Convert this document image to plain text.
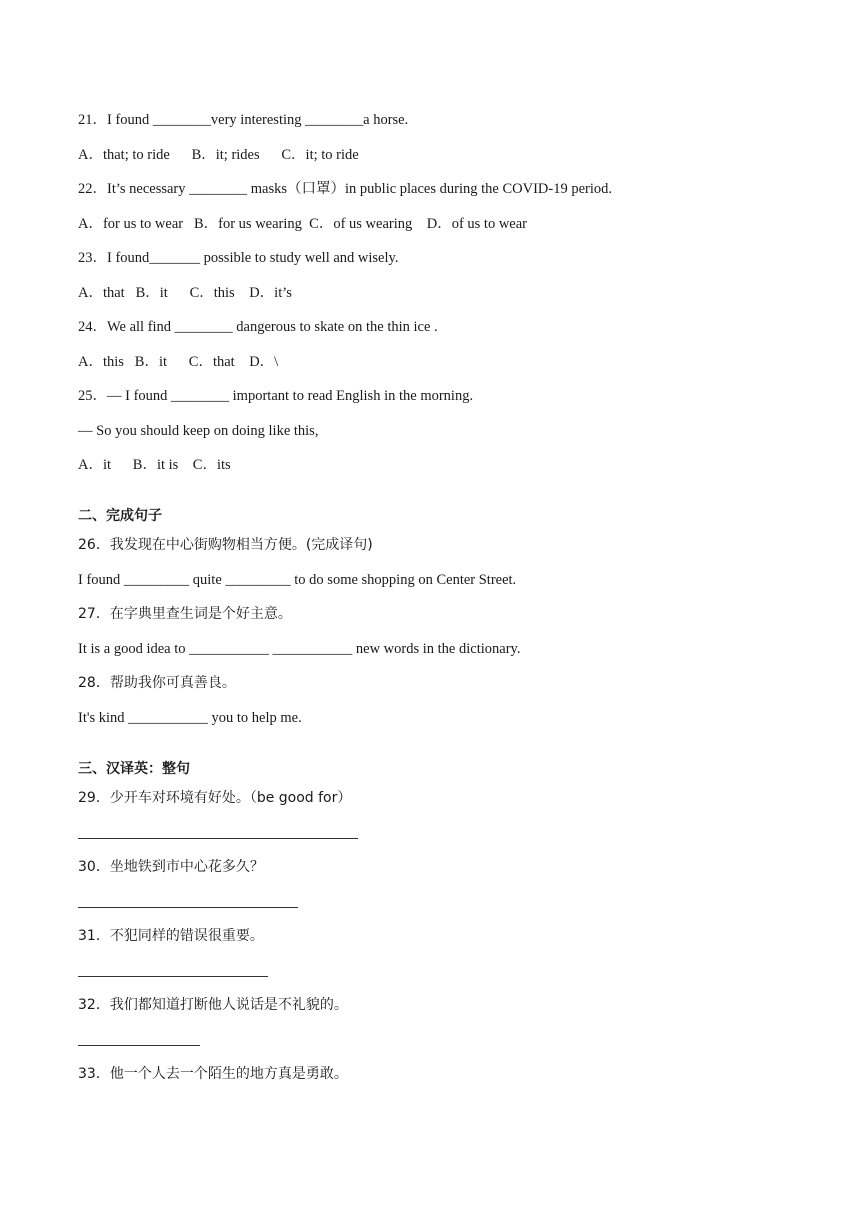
21．I found ________very interesting ________a horse.
A．that; to ride      B．it; rides      C．it; to ride
22．It’s necessary ________ masks（口罩）in public places during the COVID-19 period.
A．for us to wear   B．for us wearing  C．of us wearing    D．of us to wear
23．I found_______ possible to study well and wisely.
A．that   B．it      C．this    D．it’s
24．We all find ________ dangerous to skate on the thin ice .
A．this   B．it      C．that    D．\
25．— I found ________ important to read English in the morning.
— So you should keep on doing like this,
A．it      B．it is    C．its
二、完成句子
26．我发现在中心街购物相当方便。(完成译句)
I found _________ quite _________ to do some shopping on Center Street.
27．在字典里查生词是个好主意。
It is a good idea to ___________ ___________ new words in the dictionary.
28．帮助我你可真善良。
It's kind ___________ you to help me.
三、汉译英：整句
29．少开车对环境有好处。（be good for）
30．坐地铁到市中心花多久？
31．不犯同样的错误很重要。
32．我们都知道打断他人说话是不礼貌的。
33．他一个人去一个陌生的地方真是勇敢。
